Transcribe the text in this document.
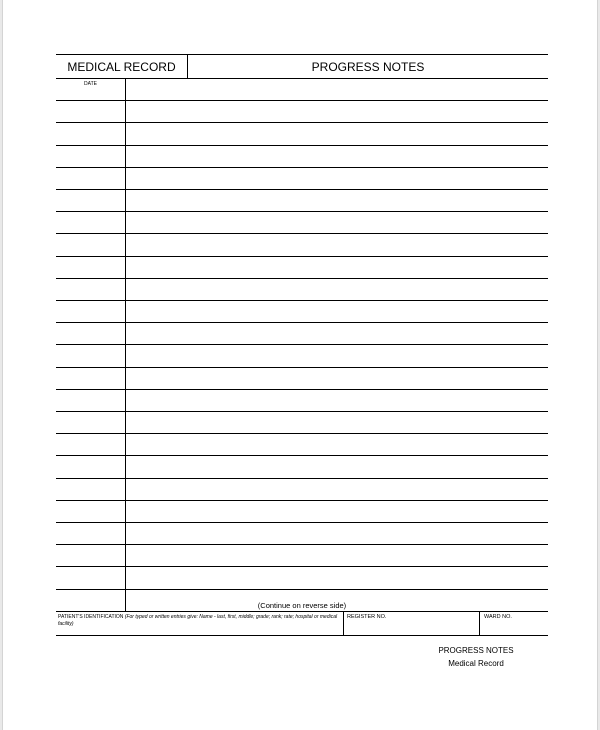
MEDICAL RECORD	PROGRESS NOTES
DATE
(Continue on reverse side)
PATIENT'S IDENTIFICATION (For typed or written entries give: Name - last, first, middle; grade; rank; rate; hospital or medical facility)
REGISTER NO.	WARD NO.
PROGRESS NOTES
Medical Record
